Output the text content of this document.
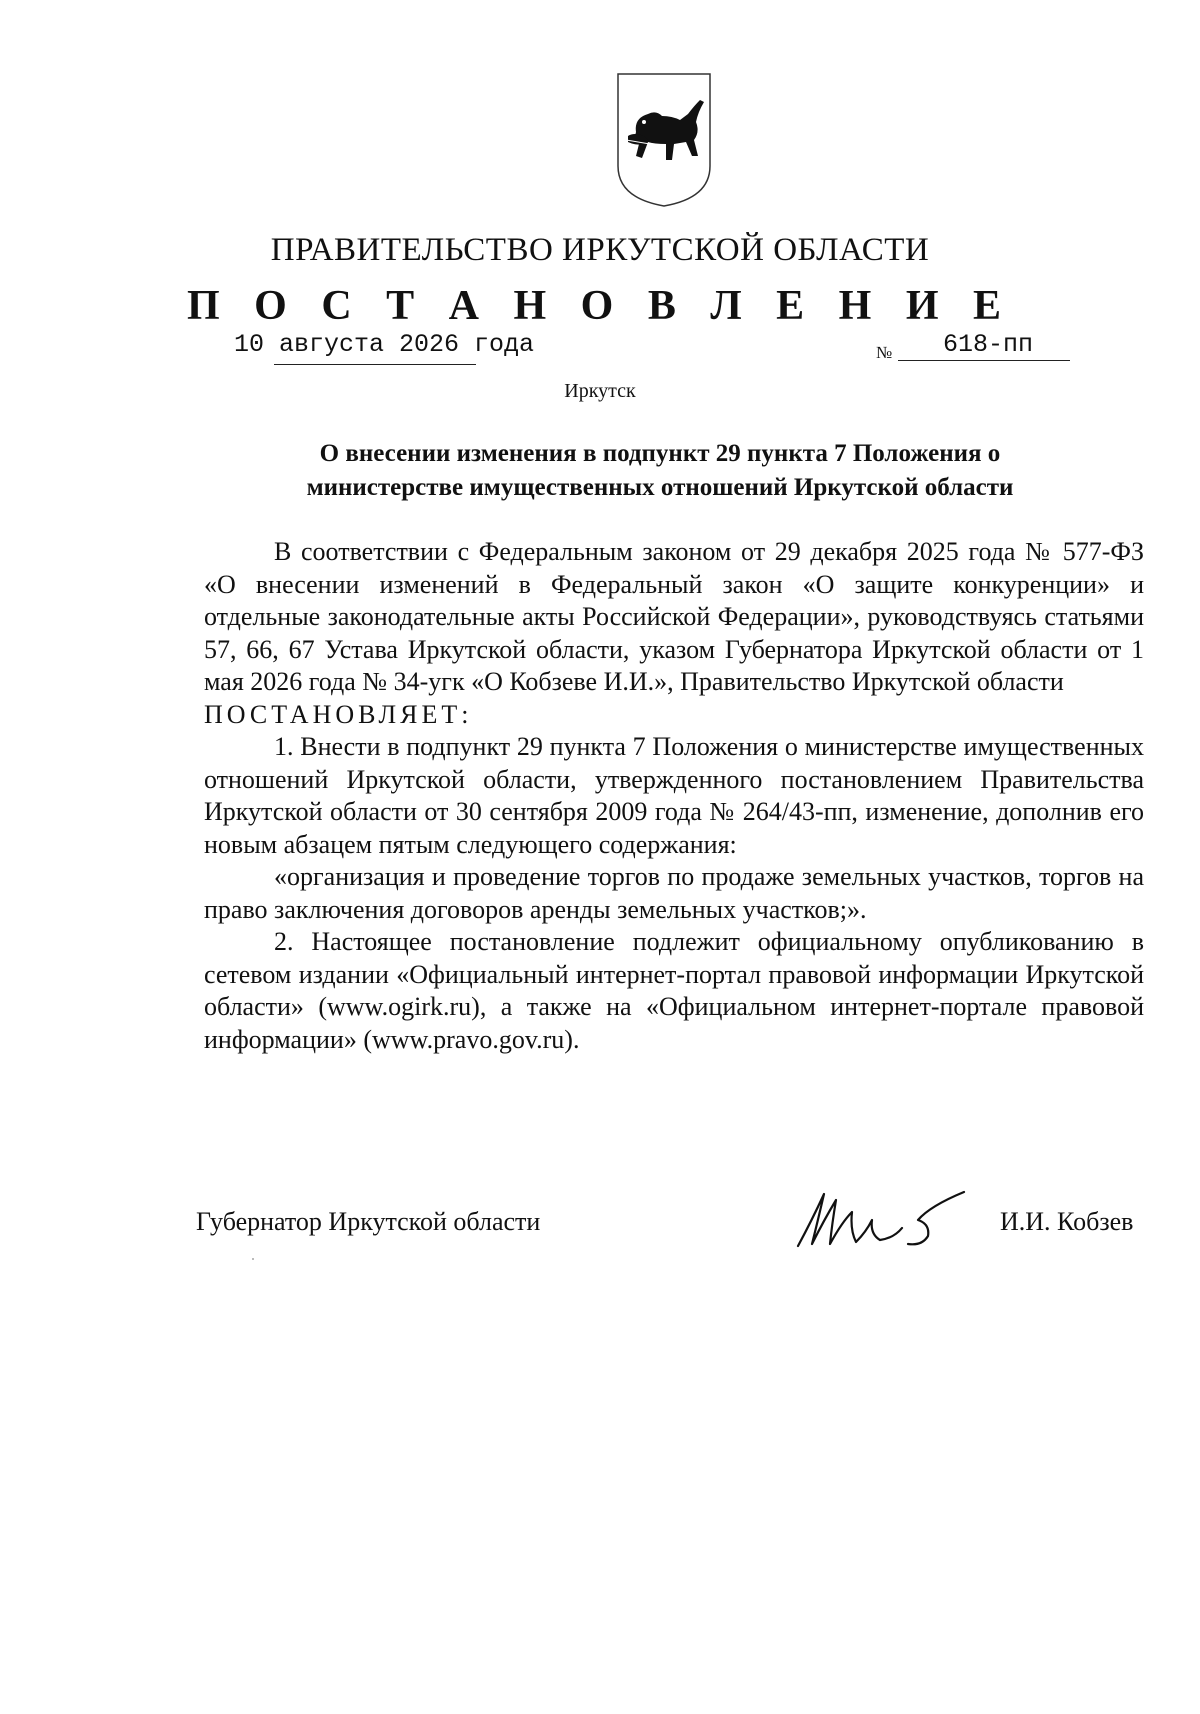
ПРАВИТЕЛЬСТВО ИРКУТСКОЙ ОБЛАСТИ
П О С Т А Н О В Л Е Н И Е
10 августа 2026 года	№ 618-пп
Иркутск
О внесении изменения в подпункт 29 пункта 7 Положения о
министерстве имущественных отношений Иркутской области

В соответствии с Федеральным законом от 29 декабря 2025 года № 577-ФЗ «О внесении изменений в Федеральный закон «О защите конкуренции» и отдельные законодательные акты Российской Федерации», руководствуясь статьями 57, 66, 67 Устава Иркутской области, указом Губернатора Иркутской области от 1 мая 2026 года № 34-угк «О Кобзеве И.И.», Правительство Иркутской области

ПОСТАНОВЛЯЕТ:

1. Внести в подпункт 29 пункта 7 Положения о министерстве имущественных отношений Иркутской области, утвержденного постановлением Правительства Иркутской области от 30 сентября 2009 года № 264/43-пп, изменение, дополнив его новым абзацем пятым следующего содержания:

«организация и проведение торгов по продаже земельных участков, торгов на право заключения договоров аренды земельных участков;».

2. Настоящее постановление подлежит официальному опубликованию в сетевом издании «Официальный интернет-портал правовой информации Иркутской области» (www.ogirk.ru), а также на «Официальном интернет-портале правовой информации» (www.pravo.gov.ru).

Губернатор Иркутской области	И.И. Кобзев
